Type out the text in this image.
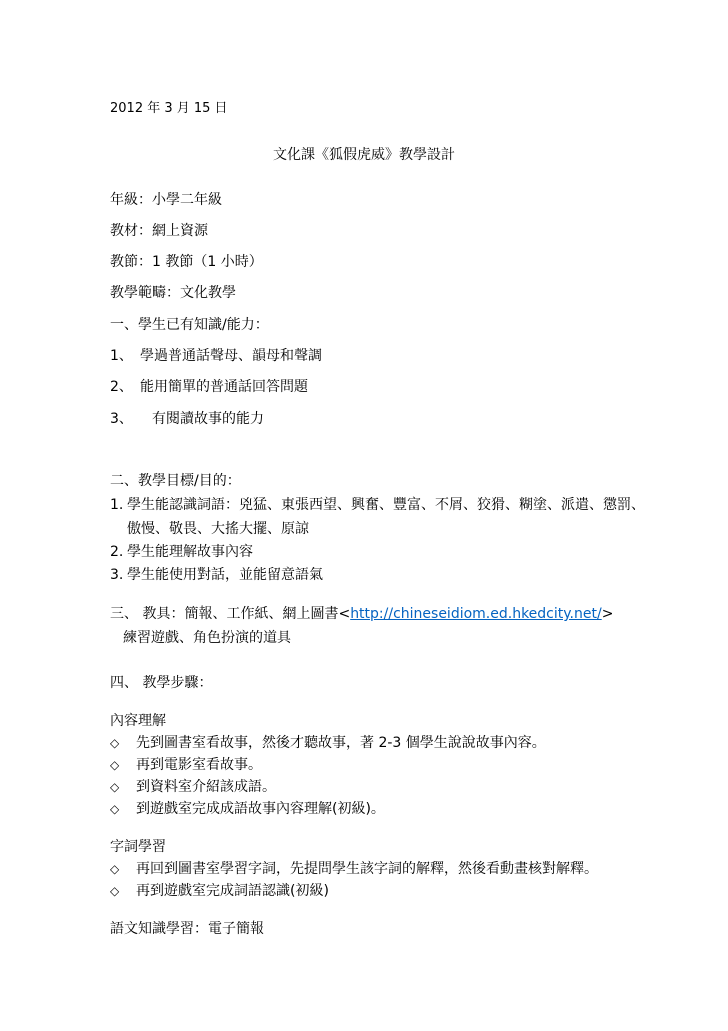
2012 年 3 月 15 日
文化課《狐假虎威》教學設計
年級：小學二年級
教材：網上資源
教節：1 教節（1 小時）
教學範疇：文化教學
一、學生已有知識/能力：
1、 學過普通話聲母、韻母和聲調
2、 能用簡單的普通話回答問題
3、 有閱讀故事的能力
二、教學目標/目的：
1. 學生能認識詞語：兇猛、東張西望、興奮、豐富、不屑、狡猾、糊塗、派遣、懲罰、
傲慢、敬畏、大搖大擺、原諒
2. 學生能理解故事內容
3. 學生能使用對話，並能留意語氣
三、 教具：簡報、工作紙、網上圖書<http://chineseidiom.ed.hkedcity.net/>
練習遊戲、角色扮演的道具
四、 教學步驟：
內容理解
◇ 先到圖書室看故事，然後才聽故事，著 2-3 個學生說說故事內容。
◇ 再到電影室看故事。
◇ 到資料室介紹該成語。
◇ 到遊戲室完成成語故事內容理解(初級)。
字詞學習
◇ 再回到圖書室學習字詞，先提問學生該字詞的解釋，然後看動畫核對解釋。
◇ 再到遊戲室完成詞語認識(初級)
語文知識學習：電子簡報
